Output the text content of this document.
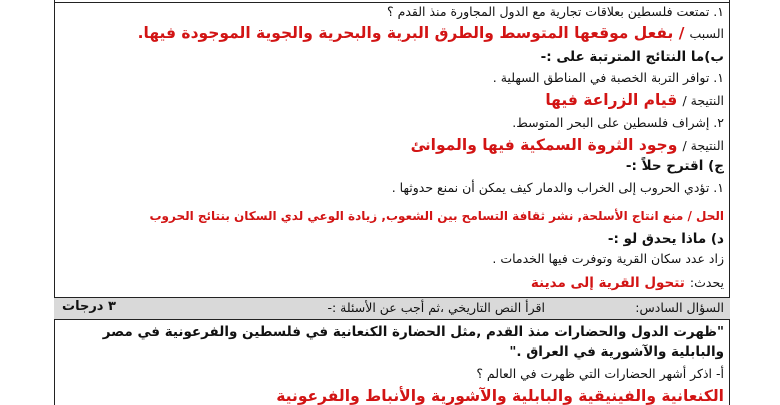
١. تمتعت فلسطين بعلاقات تجارية مع الدول المجاورة منذ القدم ؟
السبب / بفعل موقعها المتوسط والطرق البرية والبحرية والجوية الموجودة فيها.
ب)ما النتائج المترتبة على :-
١. توافر التربة الخصبة في المناطق السهلية .
النتيجة / قيام الزراعة فيها
٢. إشراف فلسطين على البحر المتوسط.
النتيجة / وجود الثروة السمكية فيها والموانئ
ج) اقترح حلاً :-
١. تؤدي الحروب إلى الخراب والدمار كيف يمكن أن نمنع حدوثها .
الحل / منع انتاج الأسلحة, نشر ثقافة التسامح بين الشعوب, زيادة الوعي لدي السكان بنتائج الحروب
د) ماذا يحدق لو :-
زاد عدد سكان القرية وتوفرت فيها الخدمات .
يحدث: تتحول القرية إلى مدينة
السؤال السادس:
اقرأ النص التاريخي ،ثم أجب عن الأسئلة :-
٣ درجات
"ظهرت الدول والحضارات منذ القدم ,مثل الحضارة الكنعانية في فلسطين والفرعونية في مصر والبابلية والآشورية في العراق ."
أ- اذكر أشهر الحضارات التي ظهرت في العالم ؟
الكنعانية والفينيقية والبابلية والآشورية والأنباط والفرعونية
